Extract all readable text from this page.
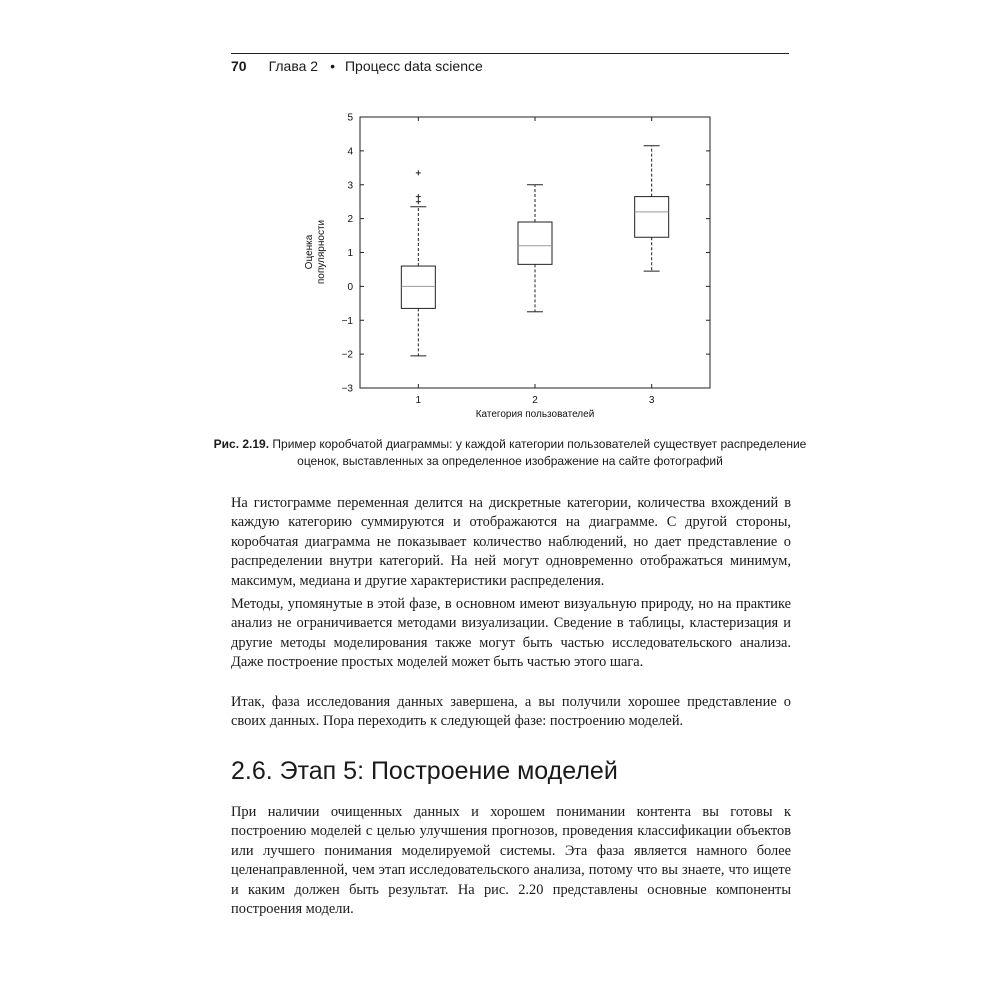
70 Глава 2 • Процесс data science
−3
−2
−1
0
1
2
3
4
5
1	2	3
Оценка популярности
Категория пользователей
Рис. 2.19. Пример коробчатой диаграммы: у каждой категории пользователей существует распределение оценок, выставленных за определенное изображение на сайте фотографий

На гистограмме переменная делится на дискретные категории, количества вхождений в каждую категорию суммируются и отображаются на диаграмме. С другой стороны, коробчатая диаграмма не показывает количество наблюдений, но дает представление о распределении внутри категорий. На ней могут одновременно отображаться минимум, максимум, медиана и другие характеристики распределения.

Методы, упомянутые в этой фазе, в основном имеют визуальную природу, но на практике анализ не ограничивается методами визуализации. Сведение в таблицы, кластеризация и другие методы моделирования также могут быть частью исследовательского анализа. Даже построение простых моделей может быть частью этого шага.

Итак, фаза исследования данных завершена, а вы получили хорошее представление о своих данных. Пора переходить к следующей фазе: построению моделей.

2.6. Этап 5: Построение моделей

При наличии очищенных данных и хорошем понимании контента вы готовы к построению моделей с целью улучшения прогнозов, проведения классификации объектов или лучшего понимания моделируемой системы. Эта фаза является намного более целенаправленной, чем этап исследовательского анализа, потому что вы знаете, что ищете и каким должен быть результат. На рис. 2.20 представлены основные компоненты построения модели.
